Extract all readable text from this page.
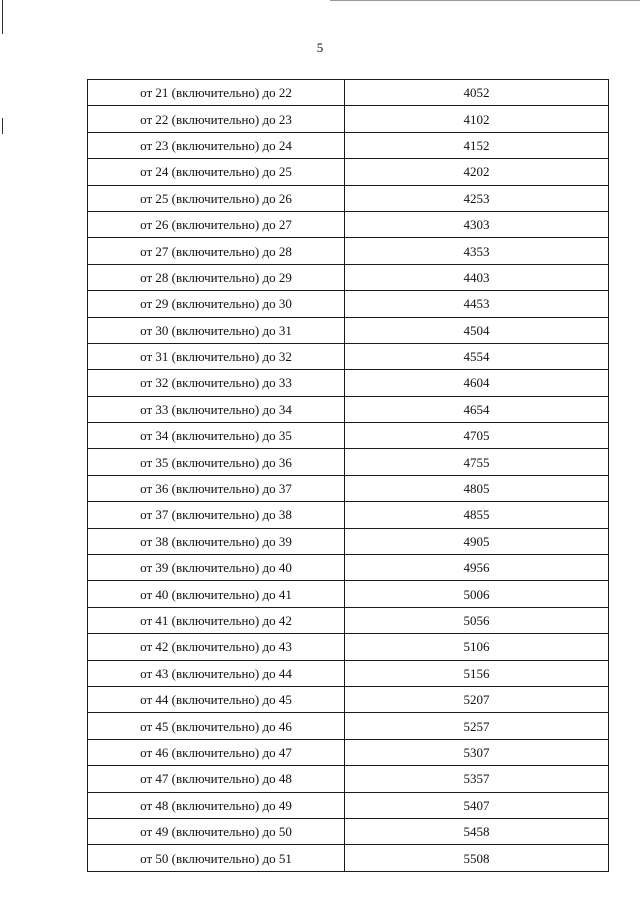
5
от 21 (включительно) до 22	4052
от 22 (включительно) до 23	4102
от 23 (включительно) до 24	4152
от 24 (включительно) до 25	4202
от 25 (включительно) до 26	4253
от 26 (включительно) до 27	4303
от 27 (включительно) до 28	4353
от 28 (включительно) до 29	4403
от 29 (включительно) до 30	4453
от 30 (включительно) до 31	4504
от 31 (включительно) до 32	4554
от 32 (включительно) до 33	4604
от 33 (включительно) до 34	4654
от 34 (включительно) до 35	4705
от 35 (включительно) до 36	4755
от 36 (включительно) до 37	4805
от 37 (включительно) до 38	4855
от 38 (включительно) до 39	4905
от 39 (включительно) до 40	4956
от 40 (включительно) до 41	5006
от 41 (включительно) до 42	5056
от 42 (включительно) до 43	5106
от 43 (включительно) до 44	5156
от 44 (включительно) до 45	5207
от 45 (включительно) до 46	5257
от 46 (включительно) до 47	5307
от 47 (включительно) до 48	5357
от 48 (включительно) до 49	5407
от 49 (включительно) до 50	5458
от 50 (включительно) до 51	5508
